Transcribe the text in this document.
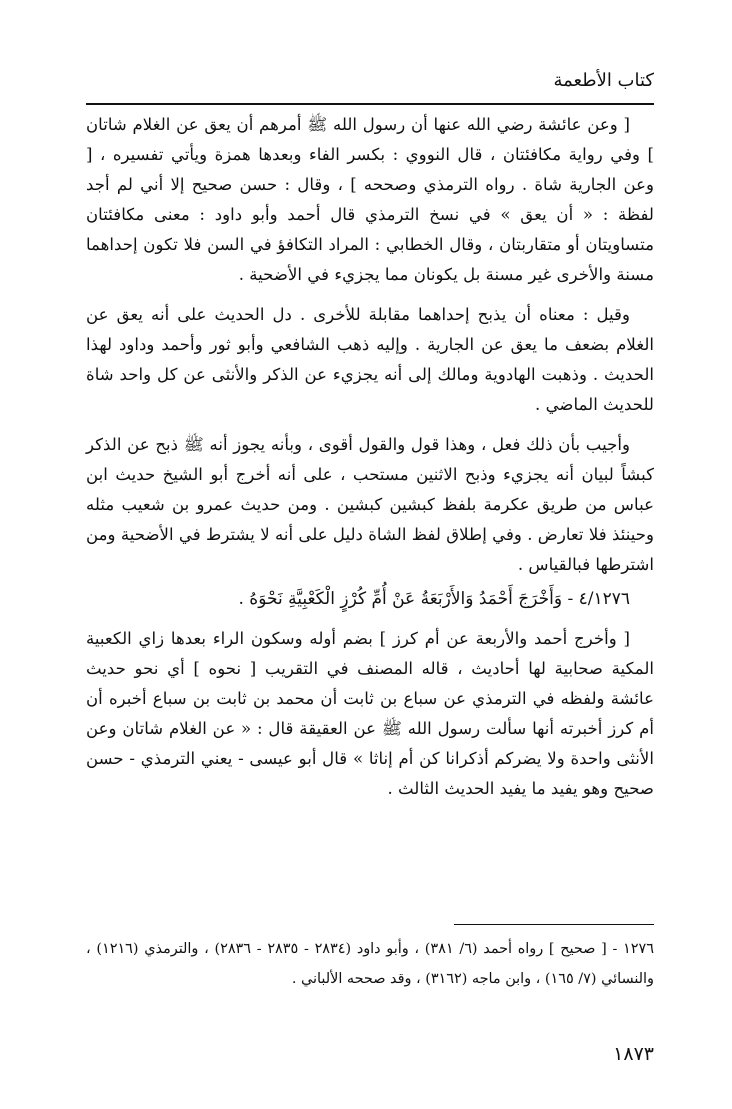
كتاب الأطعمة

[ وعن عائشة رضي الله عنها أن رسول الله ﷺ أمرهم أن يعق عن الغلام شاتان ] وفي رواية مكافئتان ، قال النووي : بكسر الفاء وبعدها همزة ويأتي تفسيره ، [ وعن الجارية شاة . رواه الترمذي وصححه ] ، وقال : حسن صحيح إلا أني لم أجد لفظة : « أن يعق » في نسخ الترمذي قال أحمد وأبو داود : معنى مكافئتان متساويتان أو متقاربتان ، وقال الخطابي : المراد التكافؤ في السن فلا تكون إحداهما مسنة والأخرى غير مسنة بل يكونان مما يجزيء في الأضحية .

وقيل : معناه أن يذبح إحداهما مقابلة للأخرى . دل الحديث على أنه يعق عن الغلام بضعف ما يعق عن الجارية . وإليه ذهب الشافعي وأبو ثور وأحمد وداود لهذا الحديث . وذهبت الهادوية ومالك إلى أنه يجزيء عن الذكر والأنثى عن كل واحد شاة للحديث الماضي .

وأجيب بأن ذلك فعل ، وهذا قول والقول أقوى ، وبأنه يجوز أنه ﷺ ذبح عن الذكر كبشاً لبيان أنه يجزيء وذبح الاثنين مستحب ، على أنه أخرج أبو الشيخ حديث ابن عباس من طريق عكرمة بلفظ كبشين كبشين . ومن حديث عمرو بن شعيب مثله وحينئذ فلا تعارض . وفي إطلاق لفظ الشاة دليل على أنه لا يشترط في الأضحية ومن اشترطها فبالقياس .

٤/١٢٧٦ - وَأَخْرَجَ أَحْمَدُ وَالأَرْبَعَةُ عَنْ أُمِّ كُرْزٍ الْكَعْبِيَّةِ نَحْوَهُ .

[ وأخرج أحمد والأربعة عن أم كرز ] بضم أوله وسكون الراء بعدها زاي الكعبية المكية صحابية لها أحاديث ، قاله المصنف في التقريب [ نحوه ] أي نحو حديث عائشة ولفظه في الترمذي عن سباع بن ثابت أن محمد بن ثابت بن سباع أخبره أن أم كرز أخبرته أنها سألت رسول الله ﷺ عن العقيقة قال : « عن الغلام شاتان وعن الأنثى واحدة ولا يضركم أذكرانا كن أم إناثا » قال أبو عيسى - يعني الترمذي - حسن صحيح وهو يفيد ما يفيد الحديث الثالث .

١٢٧٦ - [ صحيح ] رواه أحمد (٦/ ٣٨١) ، وأبو داود (٢٨٣٤ - ٢٨٣٥ - ٢٨٣٦) ، والترمذي (١٢١٦) ، والنسائي (٧/ ١٦٥) ، وابن ماجه (٣١٦٢) ، وقد صححه الألباني .

١٨٧٣
